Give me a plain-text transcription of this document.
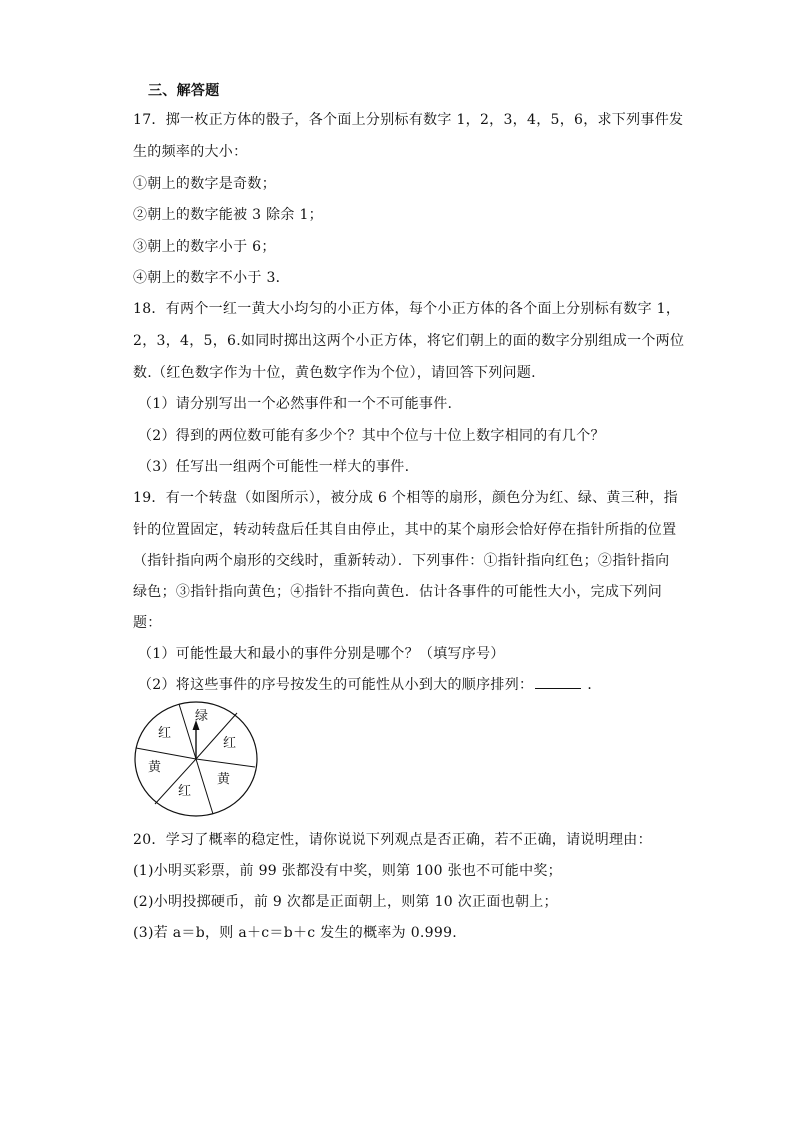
三、解答题
17．掷一枚正方体的骰子，各个面上分别标有数字 1，2，3，4，5，6，求下列事件发
生的频率的大小：
①朝上的数字是奇数；
②朝上的数字能被 3 除余 1；
③朝上的数字小于 6；
④朝上的数字不小于 3．
18．有两个一红一黄大小均匀的小正方体，每个小正方体的各个面上分别标有数字 1，
2，3，4，5，6.如同时掷出这两个小正方体，将它们朝上的面的数字分别组成一个两位
数.（红色数字作为十位，黄色数字作为个位），请回答下列问题.
（1）请分别写出一个必然事件和一个不可能事件.
（2）得到的两位数可能有多少个？其中个位与十位上数字相同的有几个？
（3）任写出一组两个可能性一样大的事件.
19．有一个转盘（如图所示），被分成 6 个相等的扇形，颜色分为红、绿、黄三种，指
针的位置固定，转动转盘后任其自由停止，其中的某个扇形会恰好停在指针所指的位置
（指针指向两个扇形的交线时，重新转动）．下列事件：①指针指向红色；②指针指向
绿色；③指针指向黄色；④指针不指向黄色．估计各事件的可能性大小，完成下列问
题：
（1）可能性最大和最小的事件分别是哪个？（填写序号）
（2）将这些事件的序号按发生的可能性从小到大的顺序排列：	．
绿
红
黄
红
黄
红
20．学习了概率的稳定性，请你说说下列观点是否正确，若不正确，请说明理由：
(1)小明买彩票，前 99 张都没有中奖，则第 100 张也不可能中奖；
(2)小明投掷硬币，前 9 次都是正面朝上，则第 10 次正面也朝上；
(3)若 a＝b，则 a＋c＝b＋c 发生的概率为 0.999.
